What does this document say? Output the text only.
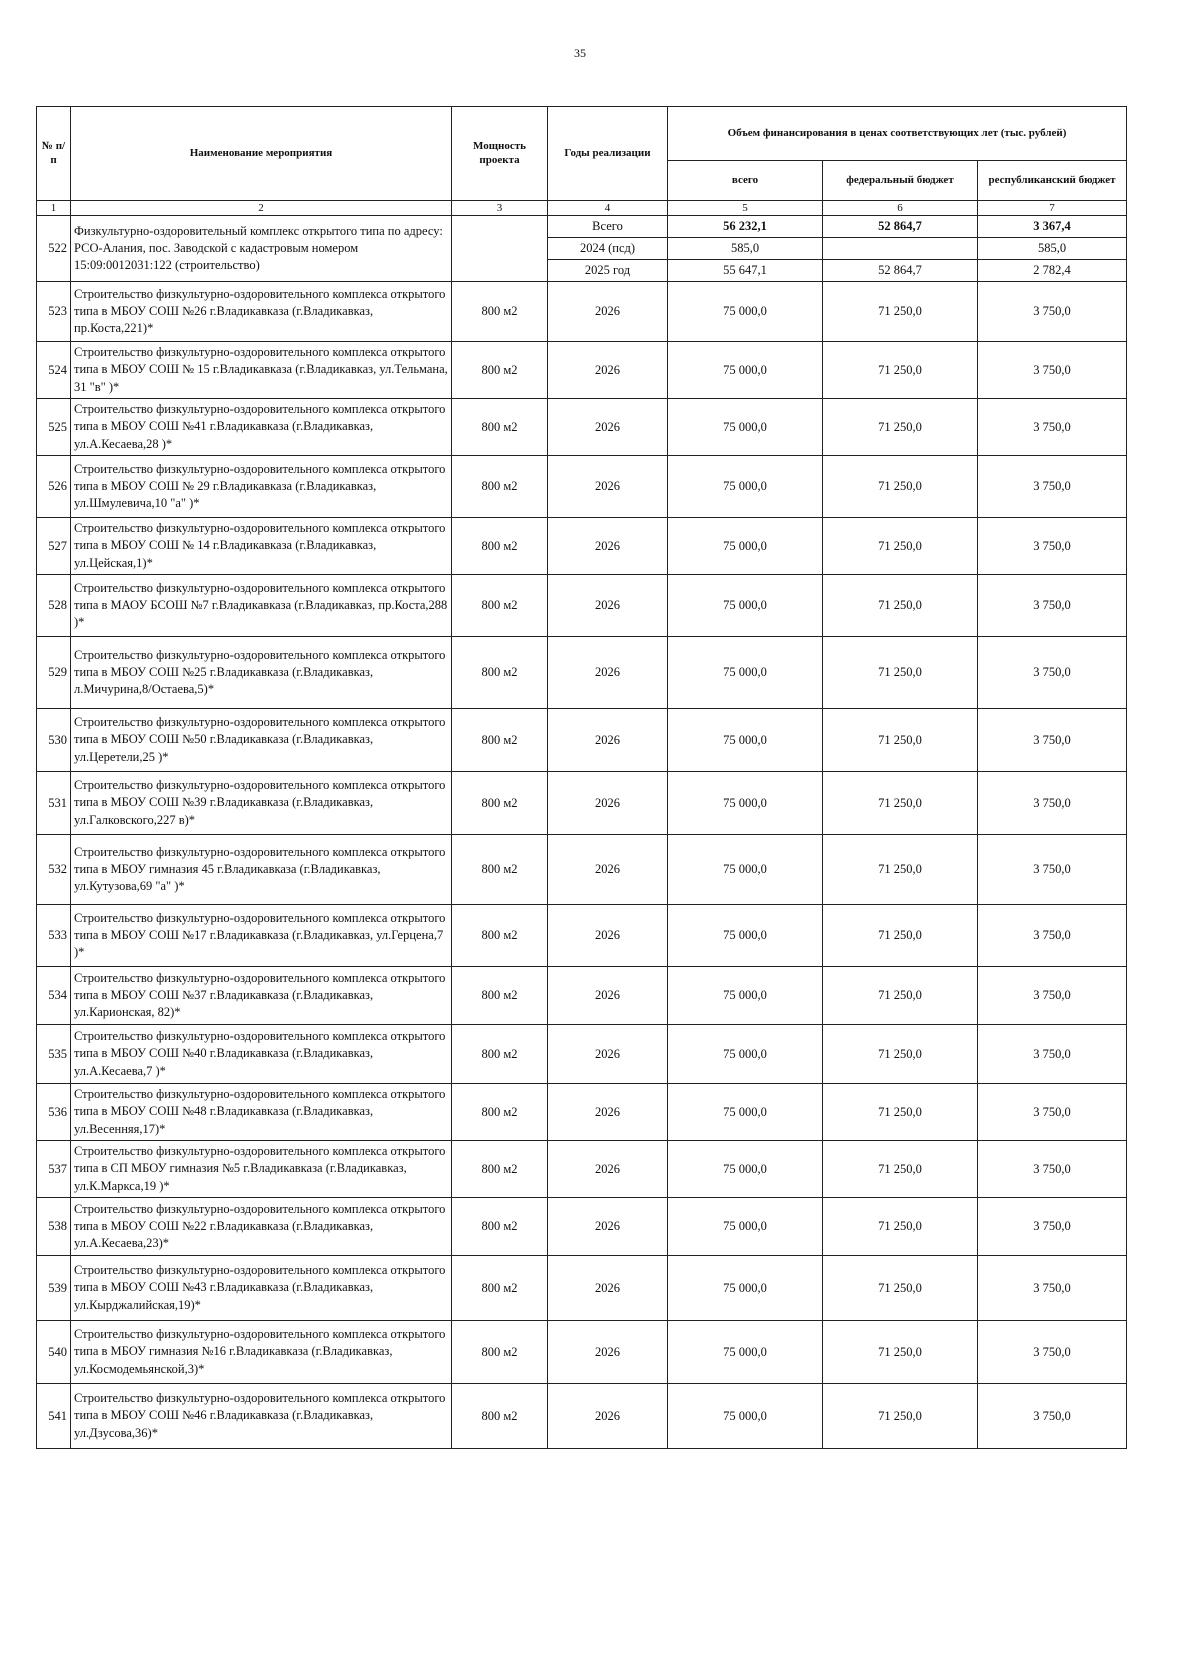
35
№ п/п	Наименование мероприятия	Мощность проекта	Годы реализации	Объем финансирования в ценах соответствующих лет (тыс. рублей)		
				всего	федеральный бюджет	республиканский бюджет
1	2	3	4	5	6	7
522	Физкультурно-оздоровительный комплекс открытого типа по адресу: РСО-Алания, пос. Заводской с кадастровым номером 15:09:0012031:122 (строительство)		Всего	56 232,1	52 864,7	3 367,4
			2024 (псд)	585,0		585,0
			2025 год	55 647,1	52 864,7	2 782,4
523	Строительство физкультурно-оздоровительного комплекса открытого типа в МБОУ СОШ №26 г.Владикавказа (г.Владикавказ, пр.Коста,221)*	800 м2	2026	75 000,0	71 250,0	3 750,0
524	Строительство физкультурно-оздоровительного комплекса открытого типа в МБОУ СОШ № 15 г.Владикавказа (г.Владикавказ, ул.Тельмана, 31 "в" )*	800 м2	2026	75 000,0	71 250,0	3 750,0
525	Строительство физкультурно-оздоровительного комплекса открытого типа в МБОУ СОШ №41 г.Владикавказа (г.Владикавказ, ул.А.Кесаева,28 )*	800 м2	2026	75 000,0	71 250,0	3 750,0
526	Строительство физкультурно-оздоровительного комплекса открытого типа в МБОУ СОШ № 29 г.Владикавказа (г.Владикавказ, ул.Шмулевича,10 "а" )*	800 м2	2026	75 000,0	71 250,0	3 750,0
527	Строительство физкультурно-оздоровительного комплекса открытого типа в МБОУ СОШ № 14 г.Владикавказа (г.Владикавказ, ул.Цейская,1)*	800 м2	2026	75 000,0	71 250,0	3 750,0
528	Строительство физкультурно-оздоровительного комплекса открытого типа в МАОУ БСОШ №7 г.Владикавказа (г.Владикавказ, пр.Коста,288 )*	800 м2	2026	75 000,0	71 250,0	3 750,0
529	Строительство физкультурно-оздоровительного комплекса открытого типа в МБОУ СОШ №25 г.Владикавказа (г.Владикавказ, л.Мичурина,8/Остаева,5)*	800 м2	2026	75 000,0	71 250,0	3 750,0
530	Строительство физкультурно-оздоровительного комплекса открытого типа в МБОУ СОШ №50 г.Владикавказа (г.Владикавказ, ул.Церетели,25 )*	800 м2	2026	75 000,0	71 250,0	3 750,0
531	Строительство физкультурно-оздоровительного комплекса открытого типа в МБОУ СОШ №39 г.Владикавказа (г.Владикавказ, ул.Галковского,227 в)*	800 м2	2026	75 000,0	71 250,0	3 750,0
532	Строительство физкультурно-оздоровительного комплекса открытого типа в МБОУ гимназия 45 г.Владикавказа (г.Владикавказ, ул.Кутузова,69 "а" )*	800 м2	2026	75 000,0	71 250,0	3 750,0
533	Строительство физкультурно-оздоровительного комплекса открытого типа в МБОУ СОШ №17 г.Владикавказа (г.Владикавказ, ул.Герцена,7 )*	800 м2	2026	75 000,0	71 250,0	3 750,0
534	Строительство физкультурно-оздоровительного комплекса открытого типа в МБОУ СОШ №37 г.Владикавказа (г.Владикавказ, ул.Карионская, 82)*	800 м2	2026	75 000,0	71 250,0	3 750,0
535	Строительство физкультурно-оздоровительного комплекса открытого типа в МБОУ СОШ №40 г.Владикавказа (г.Владикавказ, ул.А.Кесаева,7 )*	800 м2	2026	75 000,0	71 250,0	3 750,0
536	Строительство физкультурно-оздоровительного комплекса открытого типа в МБОУ СОШ №48 г.Владикавказа (г.Владикавказ, ул.Весенняя,17)*	800 м2	2026	75 000,0	71 250,0	3 750,0
537	Строительство физкультурно-оздоровительного комплекса открытого типа в СП МБОУ гимназия №5 г.Владикавказа (г.Владикавказ, ул.К.Маркса,19 )*	800 м2	2026	75 000,0	71 250,0	3 750,0
538	Строительство физкультурно-оздоровительного комплекса открытого типа в МБОУ СОШ №22 г.Владикавказа (г.Владикавказ, ул.А.Кесаева,23)*	800 м2	2026	75 000,0	71 250,0	3 750,0
539	Строительство физкультурно-оздоровительного комплекса открытого типа в МБОУ СОШ №43 г.Владикавказа (г.Владикавказ, ул.Кырджалийская,19)*	800 м2	2026	75 000,0	71 250,0	3 750,0
540	Строительство физкультурно-оздоровительного комплекса открытого типа в МБОУ гимназия №16 г.Владикавказа (г.Владикавказ, ул.Космодемьянской,3)*	800 м2	2026	75 000,0	71 250,0	3 750,0
541	Строительство физкультурно-оздоровительного комплекса открытого типа в МБОУ СОШ №46 г.Владикавказа (г.Владикавказ, ул.Дзусова,36)*	800 м2	2026	75 000,0	71 250,0	3 750,0
